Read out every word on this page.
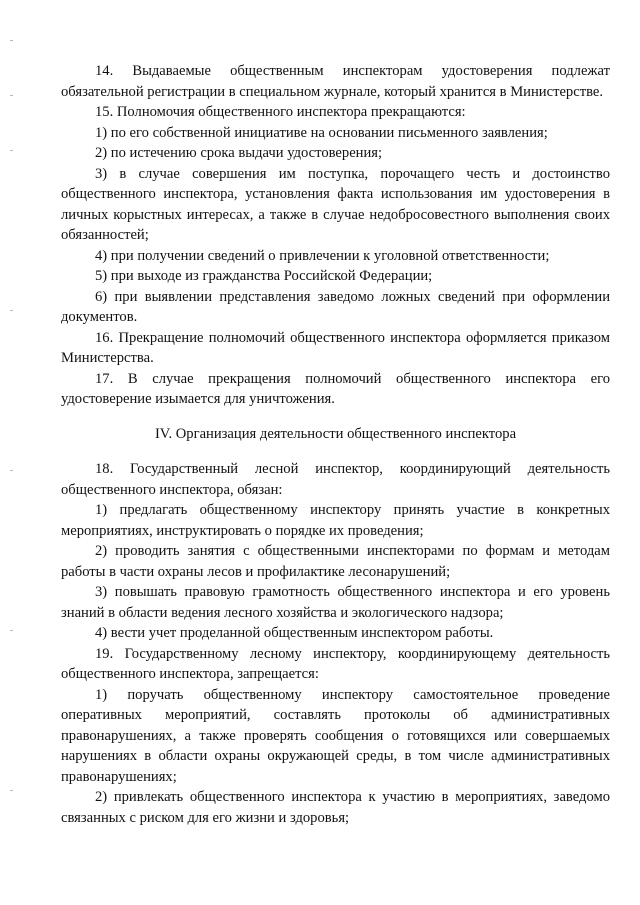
14. Выдаваемые общественным инспекторам удостоверения подлежат обязательной регистрации в специальном журнале, который хранится в Министерстве.

15. Полномочия общественного инспектора прекращаются:

1) по его собственной инициативе на основании письменного заявления;

2) по истечению срока выдачи удостоверения;

3) в случае совершения им поступка, порочащего честь и достоинство общественного инспектора, установления факта использования им удостоверения в личных корыстных интересах, а также в случае недобросовестного выполнения своих обязанностей;

4) при получении сведений о привлечении к уголовной ответственности;

5) при выходе из гражданства Российской Федерации;

6) при выявлении представления заведомо ложных сведений при оформлении документов.

16. Прекращение полномочий общественного инспектора оформляется приказом Министерства.

17. В случае прекращения полномочий общественного инспектора его удостоверение изымается для уничтожения.

IV. Организация деятельности общественного инспектора

18. Государственный лесной инспектор, координирующий деятельность общественного инспектора, обязан:

1) предлагать общественному инспектору принять участие в конкретных мероприятиях, инструктировать о порядке их проведения;

2) проводить занятия с общественными инспекторами по формам и методам работы в части охраны лесов и профилактике лесонарушений;

3) повышать правовую грамотность общественного инспектора и его уровень знаний в области ведения лесного хозяйства и экологического надзора;

4) вести учет проделанной общественным инспектором работы.

19. Государственному лесному инспектору, координирующему деятельность общественного инспектора, запрещается:

1) поручать общественному инспектору самостоятельное проведение оперативных мероприятий, составлять протоколы об административных правонарушениях, а также проверять сообщения о готовящихся или совершаемых нарушениях в области охраны окружающей среды, в том числе административных правонарушениях;

2) привлекать общественного инспектора к участию в мероприятиях, заведомо связанных с риском для его жизни и здоровья;
